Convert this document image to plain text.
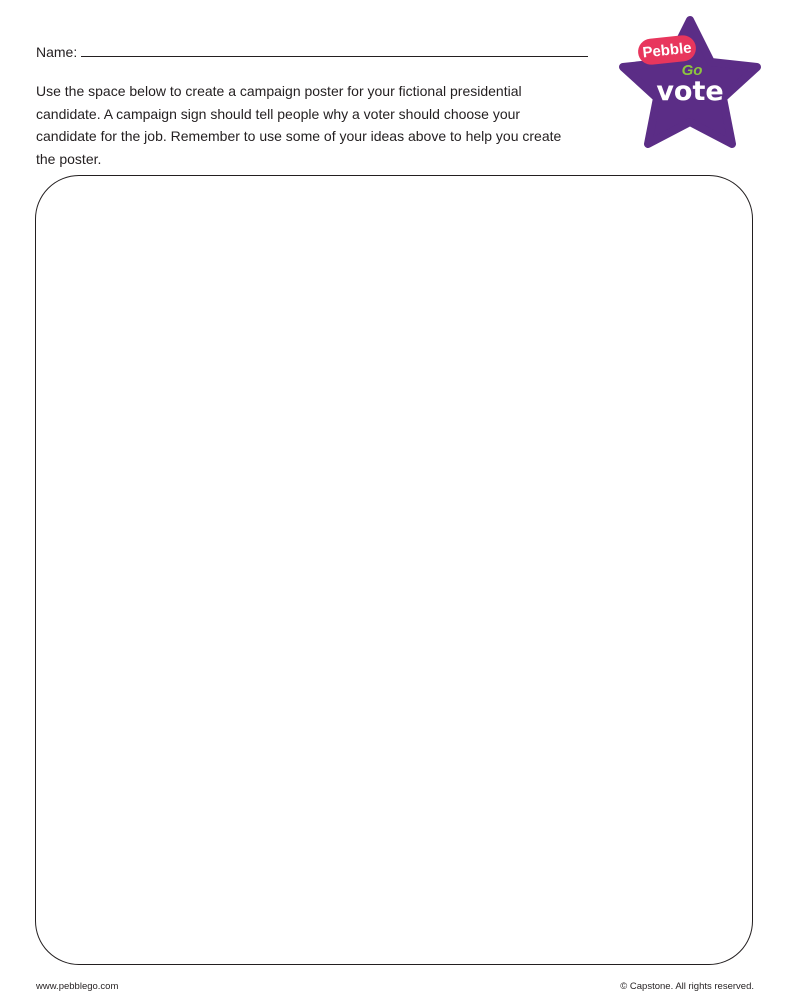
Name:

Use the space below to create a campaign poster for your fictional presidential candidate. A campaign sign should tell people why a voter should choose your candidate for the job. Remember to use some of your ideas above to help you create the poster.

Pebble
Go
vote
www.pebblego.com	© Capstone. All rights reserved.
